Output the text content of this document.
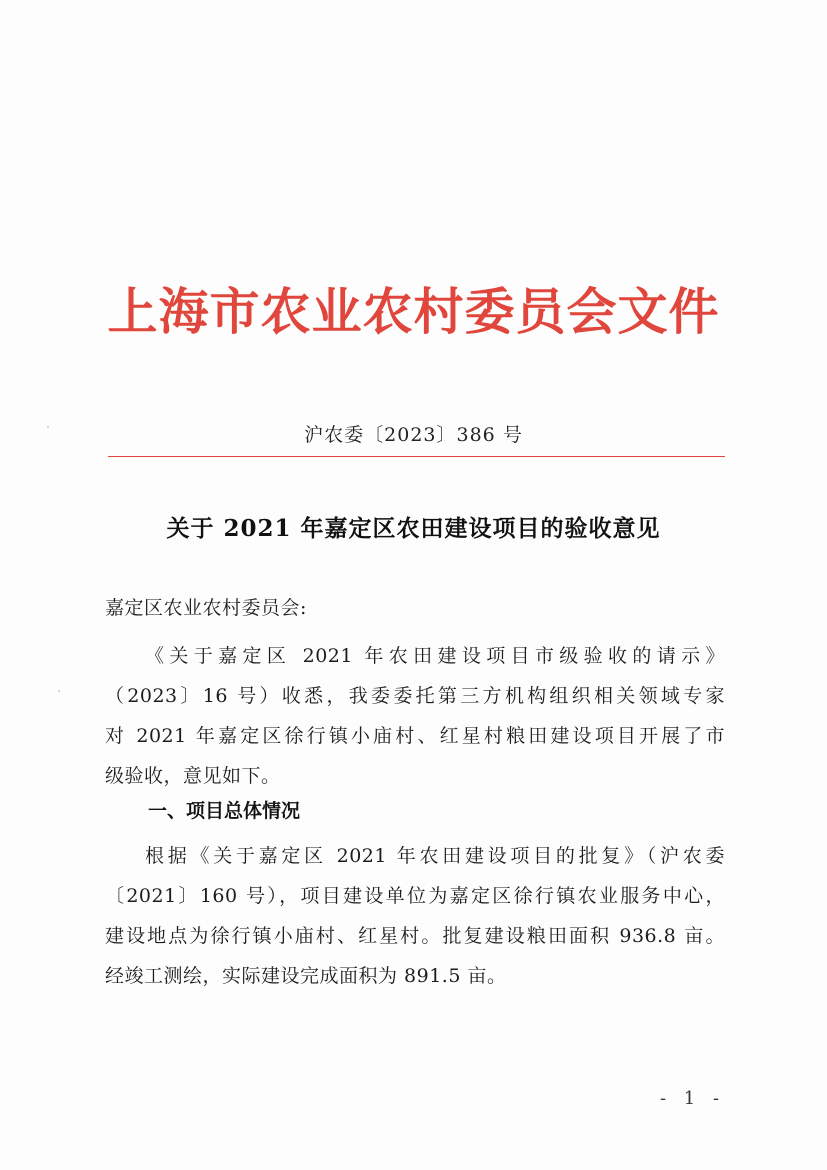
上海市农业农村委员会文件
沪农委〔2023〕386 号
关于 2021 年嘉定区农田建设项目的验收意见
嘉定区农业农村委员会:
《关于嘉定区 2021 年农田建设项目市级验收的请示》
（2023〕16 号）收悉，我委委托第三方机构组织相关领域专家
对 2021 年嘉定区徐行镇小庙村、红星村粮田建设项目开展了市
级验收，意见如下。
一、项目总体情况
根据《关于嘉定区 2021 年农田建设项目的批复》（沪农委
〔2021〕160 号），项目建设单位为嘉定区徐行镇农业服务中心，
建设地点为徐行镇小庙村、红星村。批复建设粮田面积 936.8 亩。
经竣工测绘，实际建设完成面积为 891.5 亩。
- 1 -
